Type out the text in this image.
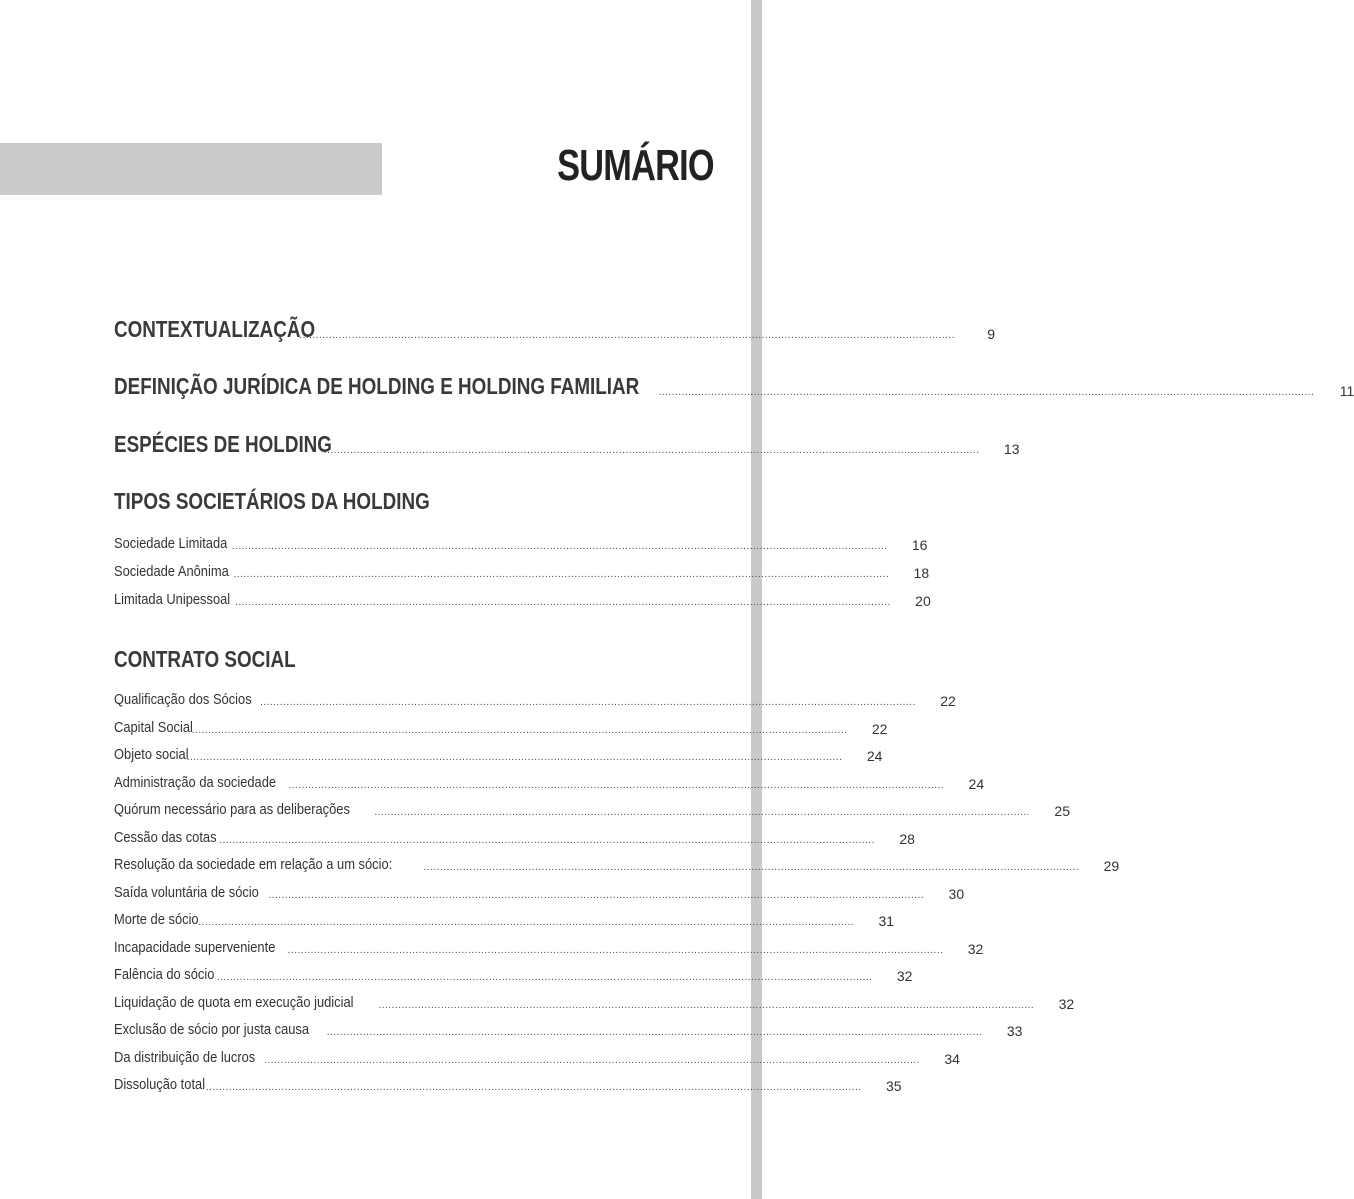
SUMÁRIO
CONTEXTUALIZAÇÃO
........................................................................................................................................................................................................	9
DEFINIÇÃO JURÍDICA DE HOLDING E HOLDING FAMILIAR ........................................................................................................................................................................................................ 11
ESPÉCIES DE HOLDING
........................................................................................................................................................................................................ 13
TIPOS SOCIETÁRIOS DA HOLDING
Sociedade Limitada ........................................................................................................................................................................................................ 16
Sociedade Anônima ........................................................................................................................................................................................................ 18
Limitada Unipessoal ........................................................................................................................................................................................................ 20
CONTRATO SOCIAL
Qualificação dos Sócios ........................................................................................................................................................................................................ 22
Capital Social
........................................................................................................................................................................................................ 22
Objeto social
........................................................................................................................................................................................................ 24
Administração da sociedade ........................................................................................................................................................................................................ 24
Quórum necessário para as deliberações ........................................................................................................................................................................................................ 25
Cessão das cotas ........................................................................................................................................................................................................ 28
Resolução da sociedade em relação a um sócio:	........................................................................................................................................................................................................ 29
Saída voluntária de sócio ........................................................................................................................................................................................................ 30
Morte de sócio ........................................................................................................................................................................................................ 31
Incapacidade superveniente ........................................................................................................................................................................................................ 32
Falência do sócio ........................................................................................................................................................................................................ 32
Liquidação de quota em execução judicial ........................................................................................................................................................................................................ 32
Exclusão de sócio por justa causa ........................................................................................................................................................................................................ 33
Da distribuição de lucros ........................................................................................................................................................................................................ 34
Dissolução total ........................................................................................................................................................................................................ 35
